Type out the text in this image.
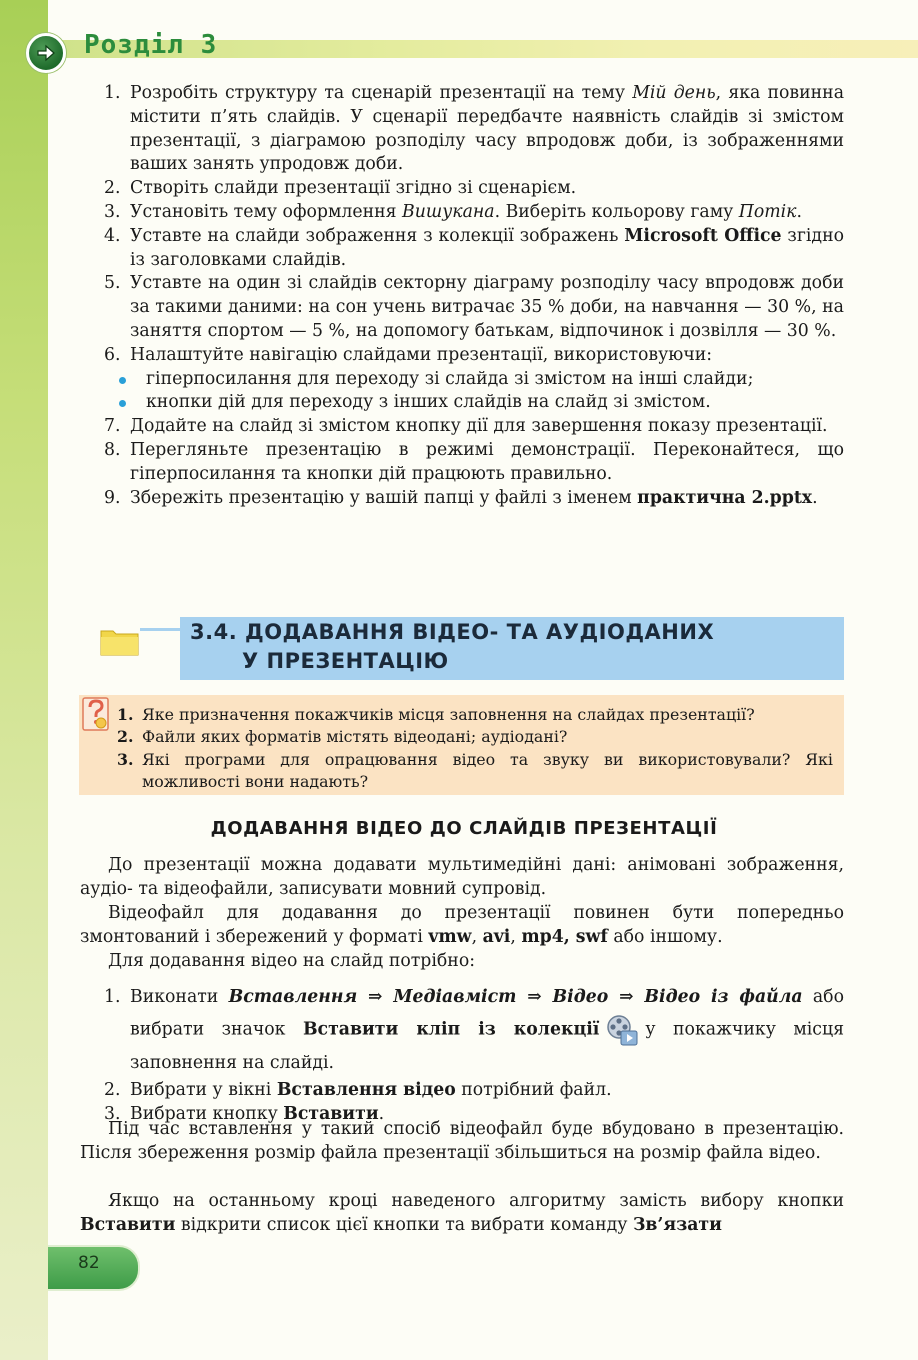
Розділ 3
1. Розробіть структуру та сценарій презентації на тему Мій день, яка повинна містити п’ять слайдів. У сценарії передбачте наявність слайдів зі змістом презентації, з діаграмою розподілу часу впродовж доби, із зображеннями ваших занять упродовж доби.
2. Створіть слайди презентації згідно зі сценарієм.
3. Установіть тему оформлення Вишукана. Виберіть кольорову гаму Потік.
4. Уставте на слайди зображення з колекції зображень Microsoft Office згідно із заголовками слайдів.
5. Уставте на один зі слайдів секторну діаграму розподілу часу впродовж доби за такими даними: на сон учень витрачає 35 % доби, на навчання — 30 %, на заняття спортом — 5 %, на допомогу батькам, відпочинок і дозвілля — 30 %.
6. Налаштуйте навігацію слайдами презентації, використовуючи:
гіперпосилання для переходу зі слайда зі змістом на інші слайди;
кнопки дій для переходу з інших слайдів на слайд зі змістом.
7. Додайте на слайд зі змістом кнопку дії для завершення показу презентації.
8. Перегляньте презентацію в режимі демонстрації. Переконайтеся, що гіперпосилання та кнопки дій працюють правильно.
9. Збережіть презентацію у вашій папці у файлі з іменем практична 2.pptx.
3.4. ДОДАВАННЯ ВІДЕО- ТА АУДІОДАНИХ
У ПРЕЗЕНТАЦІЮ
1. Яке призначення покажчиків місця заповнення на слайдах презентації?
2. Файли яких форматів містять відеодані; аудіодані?
3. Які програми для опрацювання відео та звуку ви використовували? Які можливості вони надають?
ДОДАВАННЯ ВІДЕО ДО СЛАЙДІВ ПРЕЗЕНТАЦІЇ
До презентації можна додавати мультимедійні дані: анімовані зображення, аудіо- та відеофайли, записувати мовний супровід.
Відеофайл для додавання до презентації повинен бути попередньо змонтований і збережений у форматі vmw, avi, mp4, swf або іншому.
Для додавання відео на слайд потрібно:
1. Виконати Вставлення ⇒ Медіавміст ⇒ Відео ⇒ Відео із файла або вибрати значок Вставити кліп із колекції	у покажчику місця заповнення на слайді.
2. Вибрати у вікні Вставлення відео потрібний файл.
3. Вибрати кнопку Вставити.
Під час вставлення у такий спосіб відеофайл буде вбудовано в презентацію. Після збереження розмір файла презентації збільшиться на розмір файла відео.
Якщо на останньому кроці наведеного алгоритму замість вибору кнопки Вставити відкрити список цієї кнопки та вибрати команду Зв’язати
82
